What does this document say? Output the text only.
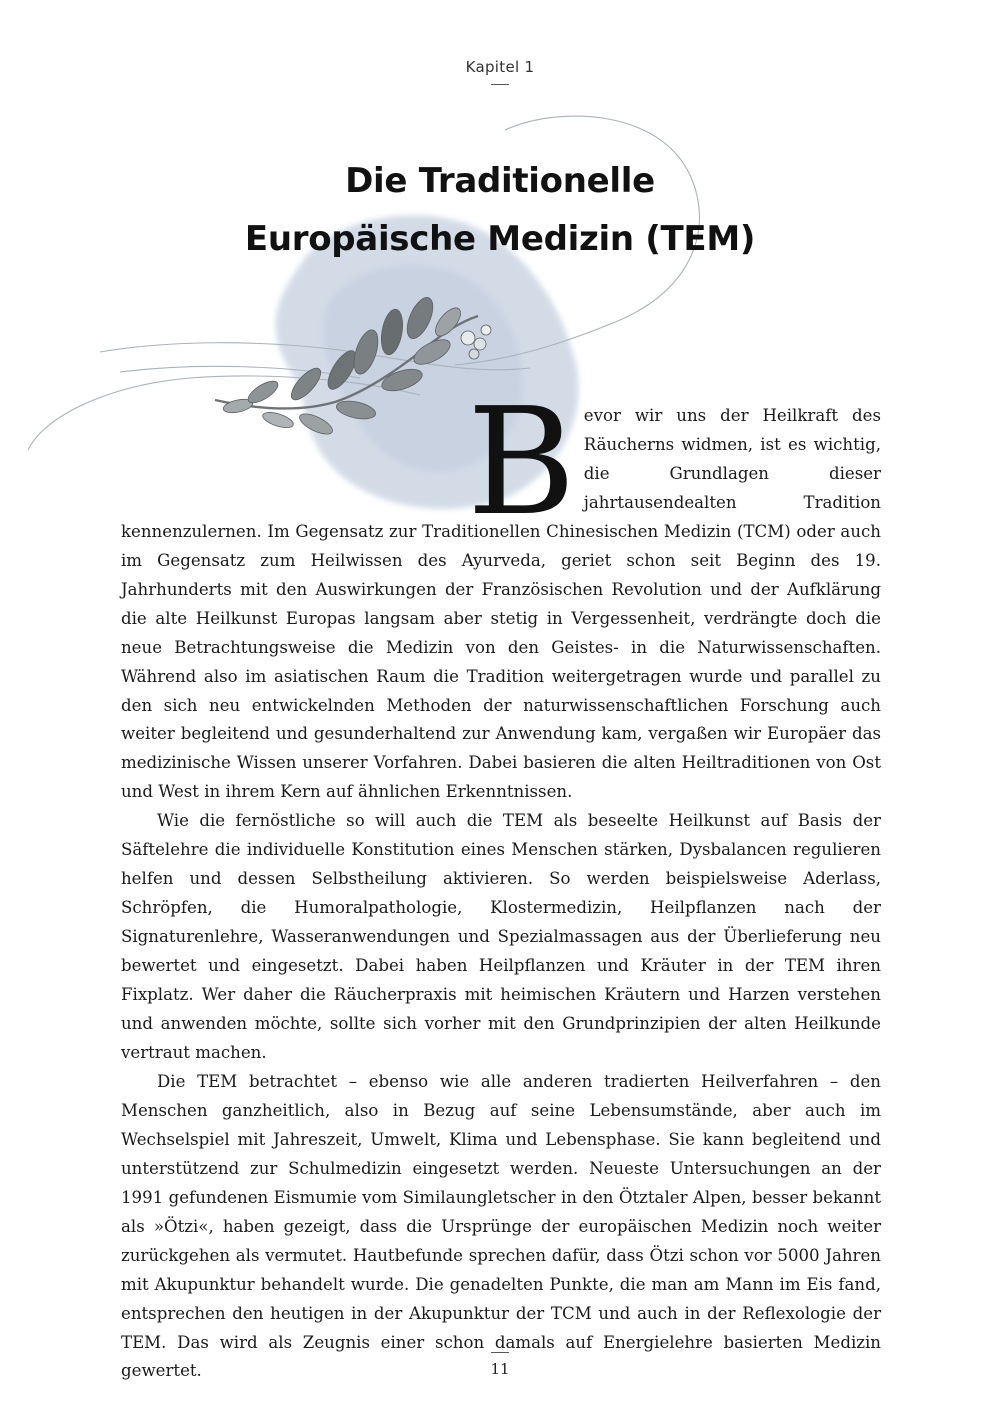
Kapitel 1
Die Traditionelle
Europäische Medizin (TEM)

Bevor wir uns der Heilkraft des Räucherns widmen, ist es wichtig, die Grundlagen dieser jahrtausendealten Tradition kennenzulernen. Im Gegensatz zur Traditionellen Chinesischen Medizin (TCM) oder auch im Gegensatz zum Heilwissen des Ayurveda, geriet schon seit Beginn des 19. Jahrhunderts mit den Auswirkungen der Französischen Revolution und der Aufklärung die alte Heilkunst Europas langsam aber stetig in Vergessenheit, verdrängte doch die neue Betrachtungsweise die Medizin von den Geistes- in die Naturwissenschaften. Während also im asiatischen Raum die Tradition weitergetragen wurde und parallel zu den sich neu entwickelnden Methoden der naturwissenschaftlichen Forschung auch weiter begleitend und gesunderhaltend zur Anwendung kam, vergaßen wir Europäer das medizinische Wissen unserer Vorfahren. Dabei basieren die alten Heiltraditionen von Ost und West in ihrem Kern auf ähnlichen Erkenntnissen.

Wie die fernöstliche so will auch die TEM als beseelte Heilkunst auf Basis der Säftelehre die individuelle Konstitution eines Menschen stärken, Dysbalancen regulieren helfen und dessen Selbstheilung aktivieren. So werden beispielsweise Aderlass, Schröpfen, die Humoralpathologie, Klostermedizin, Heilpflanzen nach der Signaturenlehre, Wasseranwendungen und Spezialmassagen aus der Überlieferung neu bewertet und eingesetzt. Dabei haben Heilpflanzen und Kräuter in der TEM ihren Fixplatz. Wer daher die Räucherpraxis mit heimischen Kräutern und Harzen verstehen und anwenden möchte, sollte sich vorher mit den Grundprinzipien der alten Heilkunde vertraut machen.

Die TEM betrachtet – ebenso wie alle anderen tradierten Heilverfahren – den Menschen ganzheitlich, also in Bezug auf seine Lebensumstände, aber auch im Wechselspiel mit Jahreszeit, Umwelt, Klima und Lebensphase. Sie kann begleitend und unterstützend zur Schulmedizin eingesetzt werden. Neueste Untersuchungen an der 1991 gefundenen Eismumie vom Similaungletscher in den Ötztaler Alpen, besser bekannt als »Ötzi«, haben gezeigt, dass die Ursprünge der europäischen Medizin noch weiter zurückgehen als vermutet. Hautbefunde sprechen dafür, dass Ötzi schon vor 5000 Jahren mit Akupunktur behandelt wurde. Die genadelten Punkte, die man am Mann im Eis fand, entsprechen den heutigen in der Akupunktur der TCM und auch in der Reflexologie der TEM. Das wird als Zeugnis einer schon damals auf Energielehre basierten Medizin gewertet.	11
